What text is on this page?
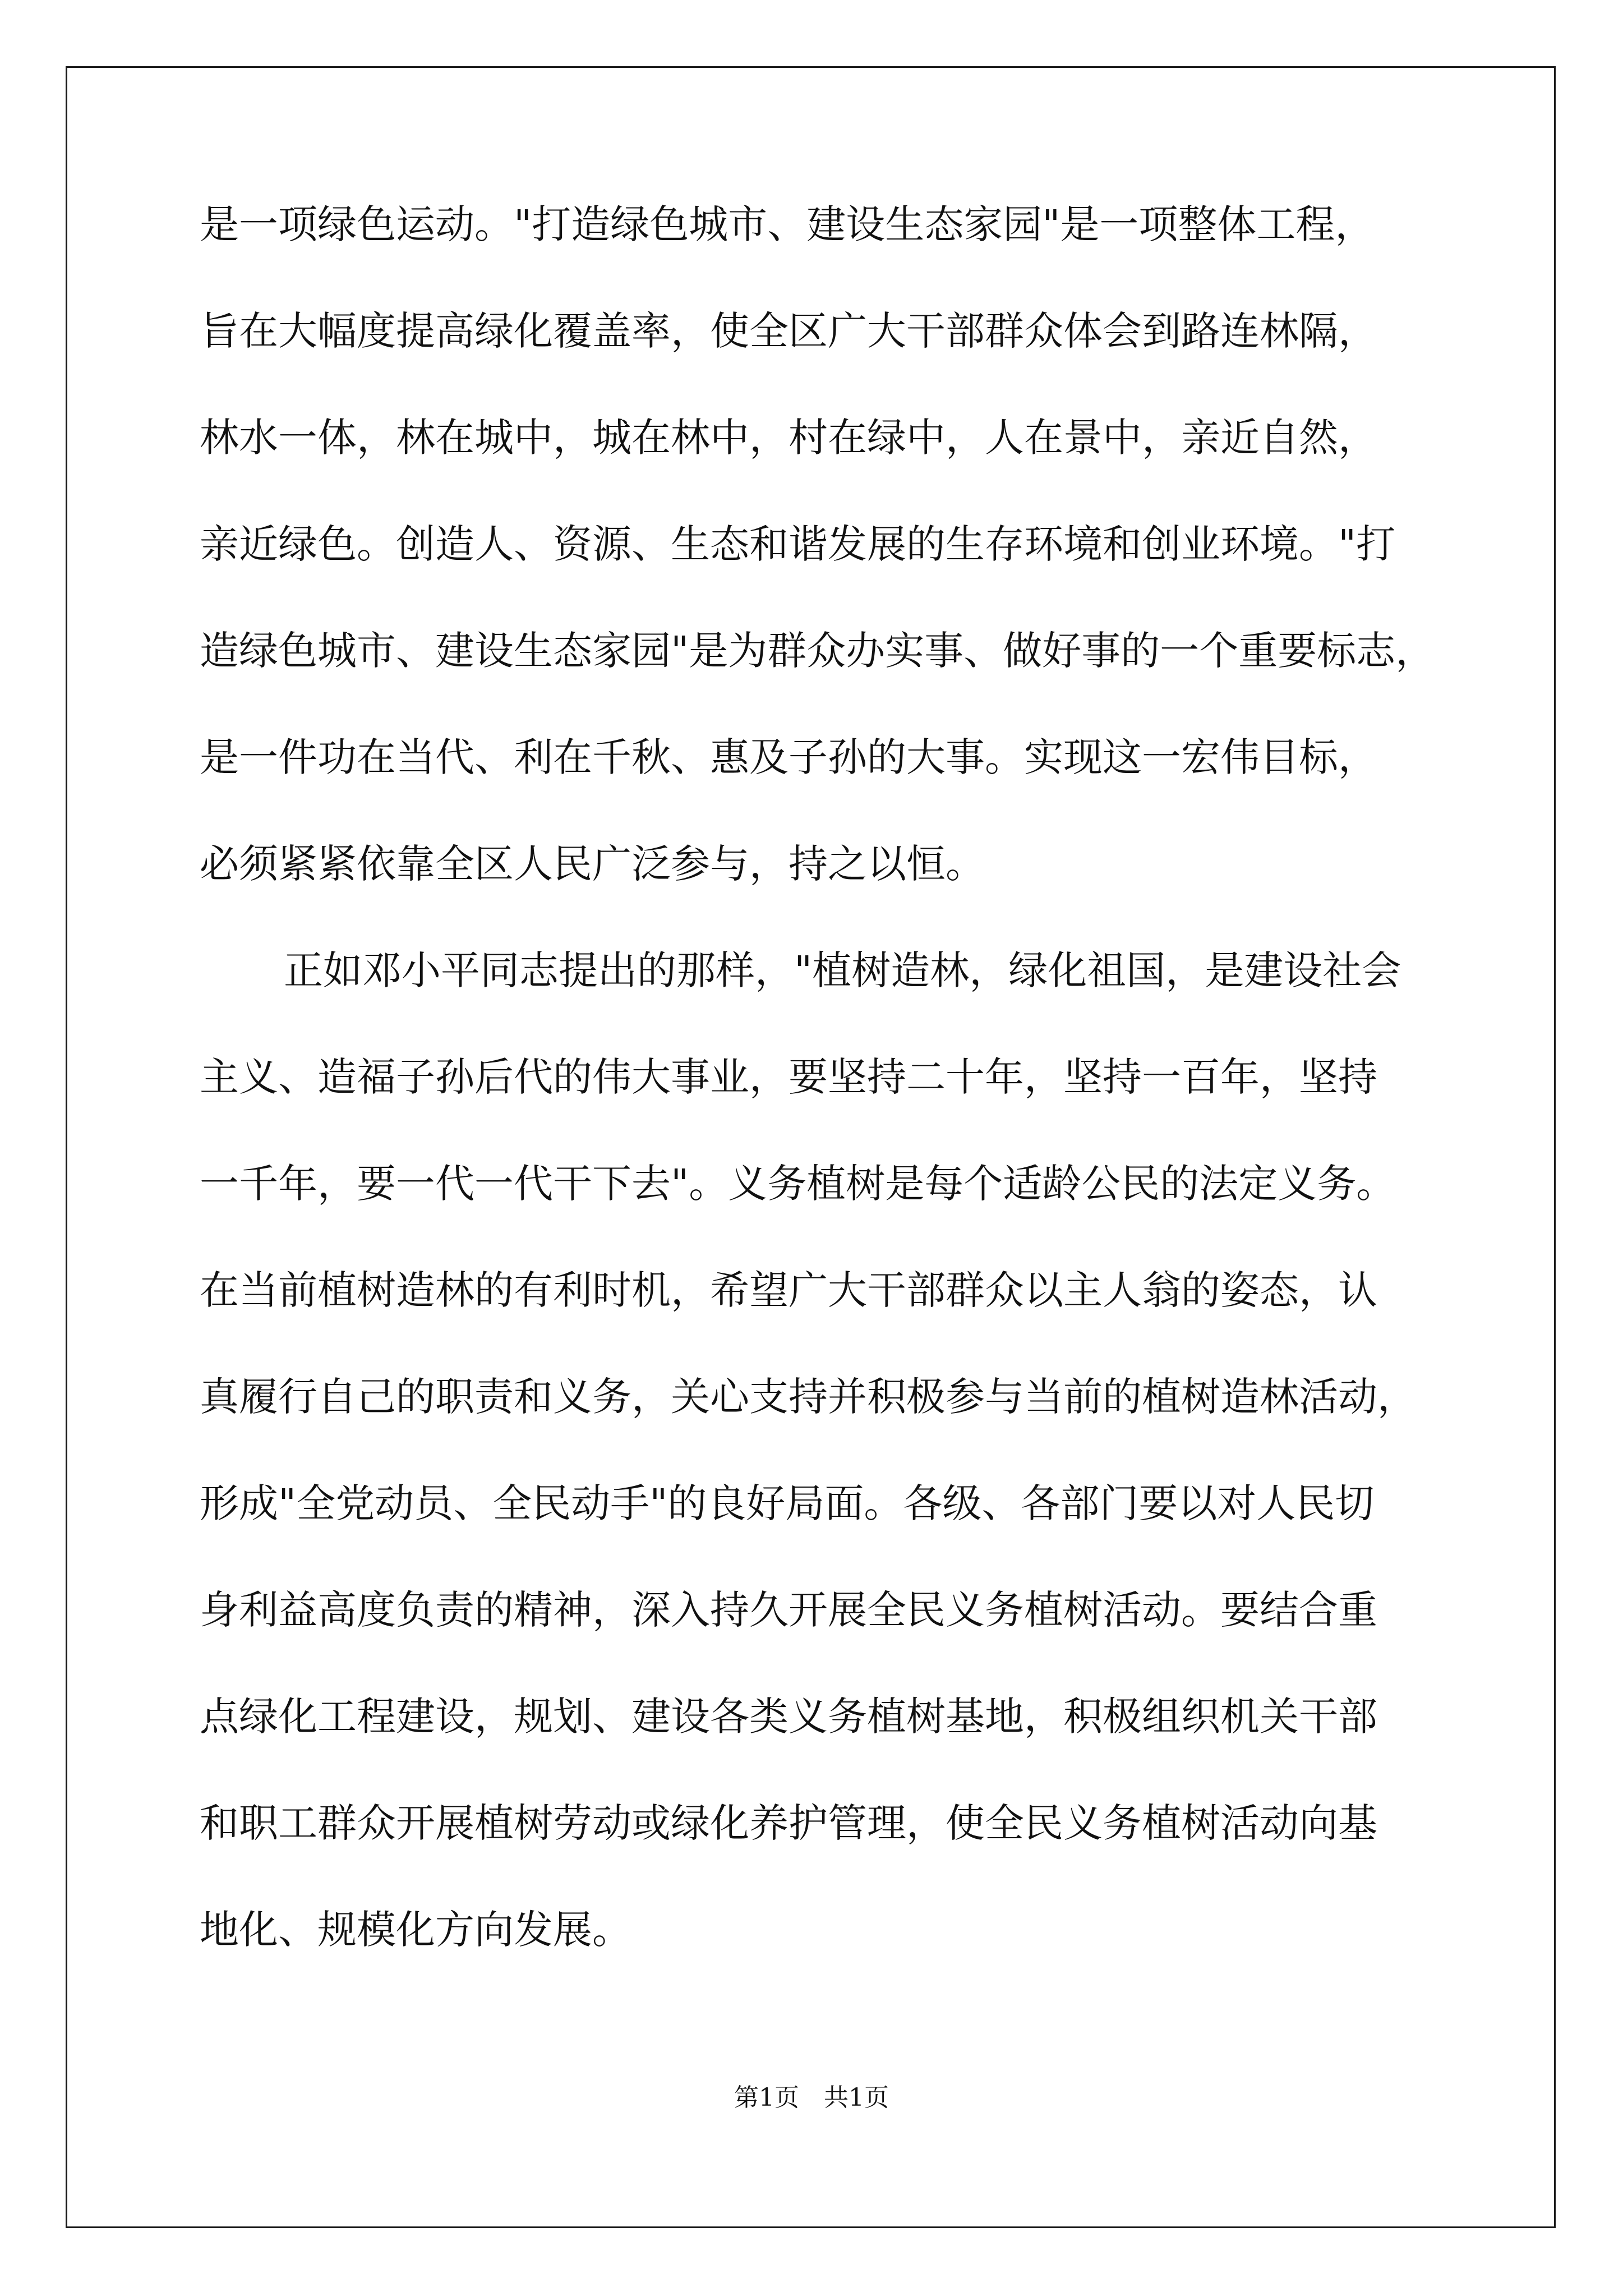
是一项绿色运动。"打造绿色城市、建设生态家园"是一项整体工程，
旨在大幅度提高绿化覆盖率，使全区广大干部群众体会到路连林隔，
林水一体，林在城中，城在林中，村在绿中，人在景中，亲近自然，
亲近绿色。创造人、资源、生态和谐发展的生存环境和创业环境。"打
造绿色城市、建设生态家园"是为群众办实事、做好事的一个重要标志，
是一件功在当代、利在千秋、惠及子孙的大事。实现这一宏伟目标，
必须紧紧依靠全区人民广泛参与，持之以恒。
正如邓小平同志提出的那样，"植树造林，绿化祖国，是建设社会
主义、造福子孙后代的伟大事业，要坚持二十年，坚持一百年，坚持
一千年，要一代一代干下去"。义务植树是每个适龄公民的法定义务。
在当前植树造林的有利时机，希望广大干部群众以主人翁的姿态，认
真履行自己的职责和义务，关心支持并积极参与当前的植树造林活动，
形成"全党动员、全民动手"的良好局面。各级、各部门要以对人民切
身利益高度负责的精神，深入持久开展全民义务植树活动。要结合重
点绿化工程建设，规划、建设各类义务植树基地，积极组织机关干部
和职工群众开展植树劳动或绿化养护管理，使全民义务植树活动向基
地化、规模化方向发展。
第1页　共1页
